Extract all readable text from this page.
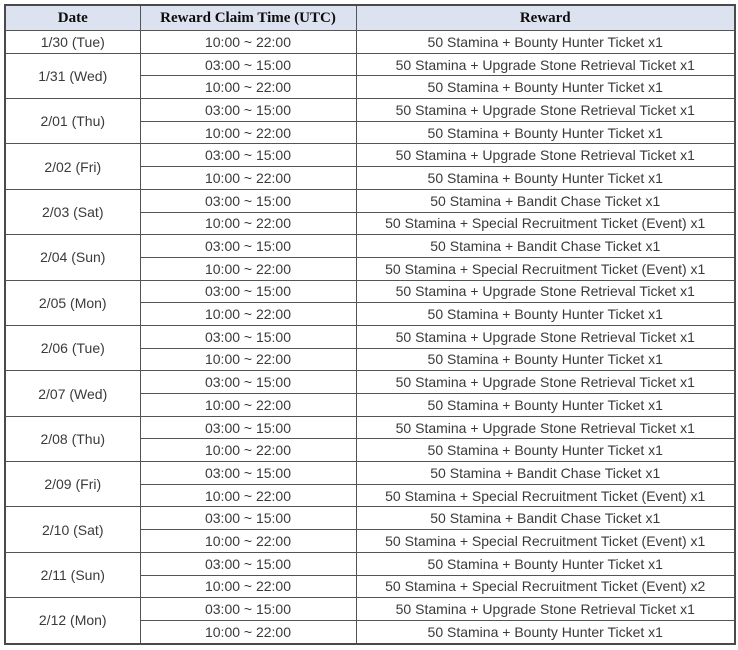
Date	Reward Claim Time (UTC)	Reward
1/30 (Tue)	10:00 ~ 22:00	50 Stamina + Bounty Hunter Ticket x1
1/31 (Wed)	03:00 ~ 15:00	50 Stamina + Upgrade Stone Retrieval Ticket x1
	10:00 ~ 22:00	50 Stamina + Bounty Hunter Ticket x1
2/01 (Thu)	03:00 ~ 15:00	50 Stamina + Upgrade Stone Retrieval Ticket x1
	10:00 ~ 22:00	50 Stamina + Bounty Hunter Ticket x1
2/02 (Fri)	03:00 ~ 15:00	50 Stamina + Upgrade Stone Retrieval Ticket x1
	10:00 ~ 22:00	50 Stamina + Bounty Hunter Ticket x1
2/03 (Sat)	03:00 ~ 15:00	50 Stamina + Bandit Chase Ticket x1
	10:00 ~ 22:00	50 Stamina + Special Recruitment Ticket (Event) x1
2/04 (Sun)	03:00 ~ 15:00	50 Stamina + Bandit Chase Ticket x1
	10:00 ~ 22:00	50 Stamina + Special Recruitment Ticket (Event) x1
2/05 (Mon)	03:00 ~ 15:00	50 Stamina + Upgrade Stone Retrieval Ticket x1
	10:00 ~ 22:00	50 Stamina + Bounty Hunter Ticket x1
2/06 (Tue)	03:00 ~ 15:00	50 Stamina + Upgrade Stone Retrieval Ticket x1
	10:00 ~ 22:00	50 Stamina + Bounty Hunter Ticket x1
2/07 (Wed)	03:00 ~ 15:00	50 Stamina + Upgrade Stone Retrieval Ticket x1
	10:00 ~ 22:00	50 Stamina + Bounty Hunter Ticket x1
2/08 (Thu)	03:00 ~ 15:00	50 Stamina + Upgrade Stone Retrieval Ticket x1
	10:00 ~ 22:00	50 Stamina + Bounty Hunter Ticket x1
2/09 (Fri)	03:00 ~ 15:00	50 Stamina + Bandit Chase Ticket x1
	10:00 ~ 22:00	50 Stamina + Special Recruitment Ticket (Event) x1
2/10 (Sat)	03:00 ~ 15:00	50 Stamina + Bandit Chase Ticket x1
	10:00 ~ 22:00	50 Stamina + Special Recruitment Ticket (Event) x1
2/11 (Sun)	03:00 ~ 15:00	50 Stamina + Bounty Hunter Ticket x1
	10:00 ~ 22:00	50 Stamina + Special Recruitment Ticket (Event) x2
2/12 (Mon)	03:00 ~ 15:00	50 Stamina + Upgrade Stone Retrieval Ticket x1
	10:00 ~ 22:00	50 Stamina + Bounty Hunter Ticket x1
